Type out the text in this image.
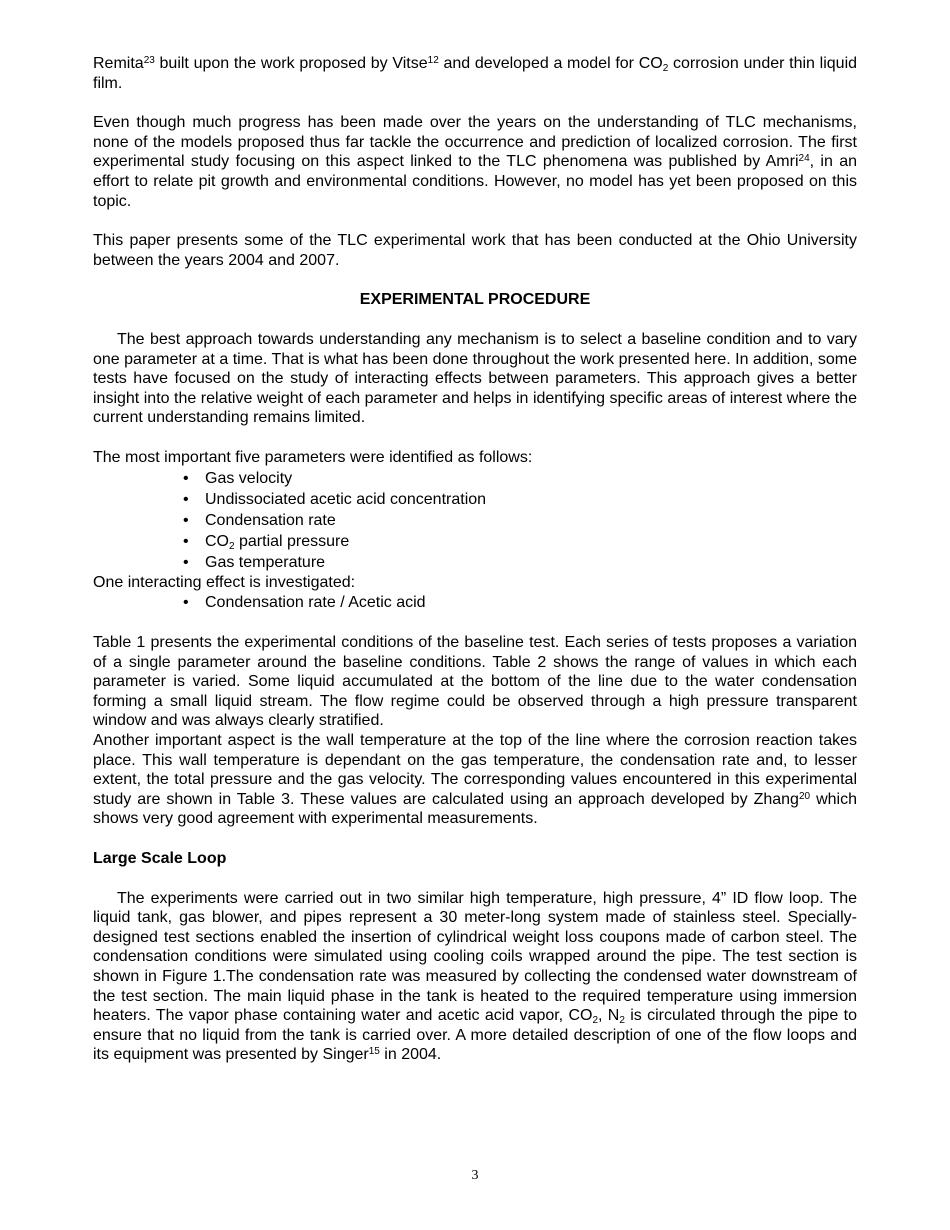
Remita$^{23}$ built upon the work proposed by Vitse$^{12}$ and developed a model for $CO_2$ corrosion under thin liquid film.

Even though much progress has been made over the years on the understanding of TLC mechanisms, none of the models proposed thus far tackle the occurrence and prediction of localized corrosion. The first experimental study focusing on this aspect linked to the TLC phenomena was published by Amri$^{24}$, in an effort to relate pit growth and environmental conditions. However, no model has yet been proposed on this topic.

This paper presents some of the TLC experimental work that has been conducted at the Ohio University between the years 2004 and 2007.

EXPERIMENTAL PROCEDURE

The best approach towards understanding any mechanism is to select a baseline condition and to vary one parameter at a time. That is what has been done throughout the work presented here. In addition, some tests have focused on the study of interacting effects between parameters. This approach gives a better insight into the relative weight of each parameter and helps in identifying specific areas of interest where the current understanding remains limited.

The most important five parameters were identified as follows:

• Gas velocity
• Undissociated acetic acid concentration
• Condensation rate
• $CO_2$ partial pressure
• Gas temperature

One interacting effect is investigated:

• Condensation rate / Acetic acid

Table 1 presents the experimental conditions of the baseline test. Each series of tests proposes a variation of a single parameter around the baseline conditions. Table 2 shows the range of values in which each parameter is varied. Some liquid accumulated at the bottom of the line due to the water condensation forming a small liquid stream. The flow regime could be observed through a high pressure transparent window and was always clearly stratified.

Another important aspect is the wall temperature at the top of the line where the corrosion reaction takes place. This wall temperature is dependant on the gas temperature, the condensation rate and, to lesser extent, the total pressure and the gas velocity. The corresponding values encountered in this experimental study are shown in Table 3. These values are calculated using an approach developed by Zhang$^{20}$ which shows very good agreement with experimental measurements.

Large Scale Loop

The experiments were carried out in two similar high temperature, high pressure, 4” ID flow loop. The liquid tank, gas blower, and pipes represent a 30 meter-long system made of stainless steel. Specially-designed test sections enabled the insertion of cylindrical weight loss coupons made of carbon steel. The condensation conditions were simulated using cooling coils wrapped around the pipe. The test section is shown in Figure 1.The condensation rate was measured by collecting the condensed water downstream of the test section. The main liquid phase in the tank is heated to the required temperature using immersion heaters. The vapor phase containing water and acetic acid vapor, $CO_2$, $N_2$ is circulated through the pipe to ensure that no liquid from the tank is carried over. A more detailed description of one of the flow loops and its equipment was presented by Singer$^{15}$ in 2004.

3
